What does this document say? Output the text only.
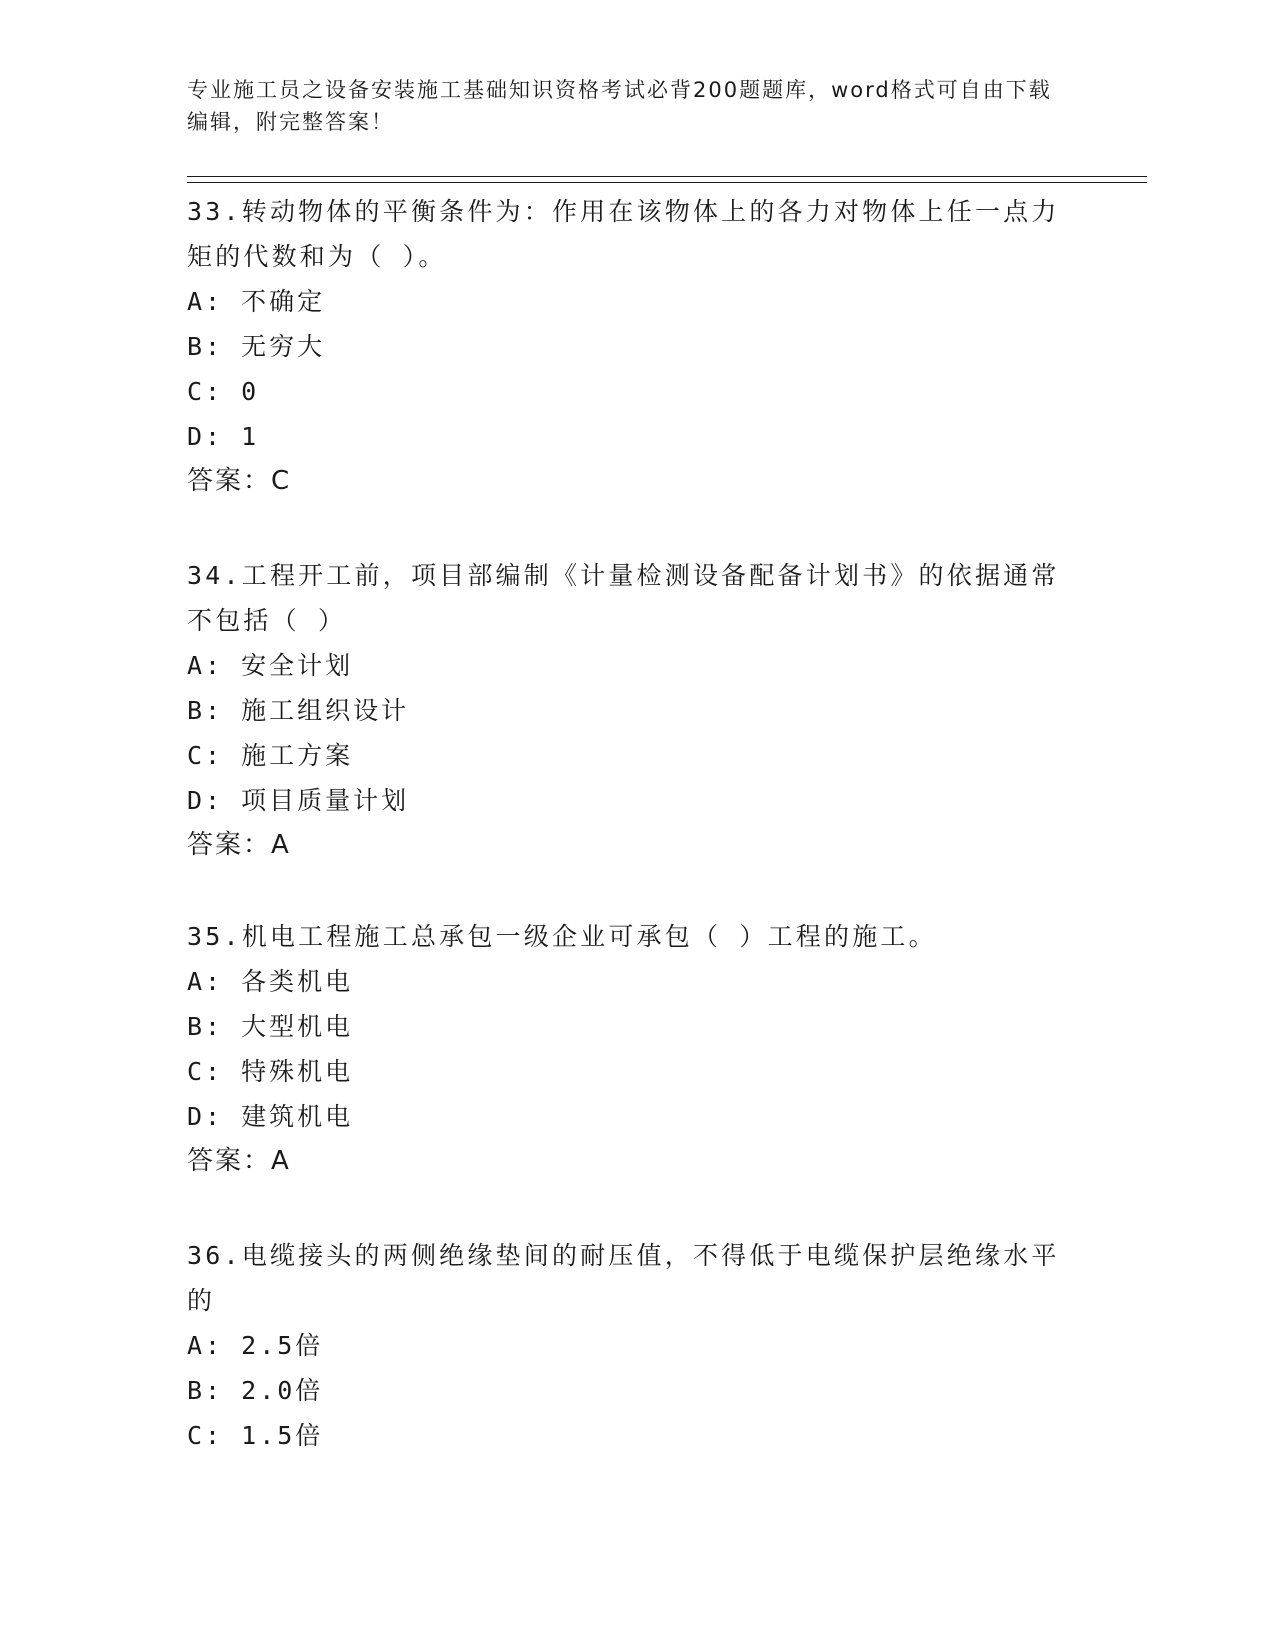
专业施工员之设备安装施工基础知识资格考试必背200题题库，word格式可自由下载编辑，附完整答案！
33.转动物体的平衡条件为：作用在该物体上的各力对物体上任一点力矩的代数和为（ ）。
A: 不确定
B: 无穷大
C: 0
D: 1
答案：C
34.工程开工前，项目部编制《计量检测设备配备计划书》的依据通常不包括（ ）
A: 安全计划
B: 施工组织设计
C: 施工方案
D: 项目质量计划
答案：A
35.机电工程施工总承包一级企业可承包（ ）工程的施工。
A: 各类机电
B: 大型机电
C: 特殊机电
D: 建筑机电
答案：A
36.电缆接头的两侧绝缘垫间的耐压值，不得低于电缆保护层绝缘水平的
A: 2.5倍
B: 2.0倍
C: 1.5倍
